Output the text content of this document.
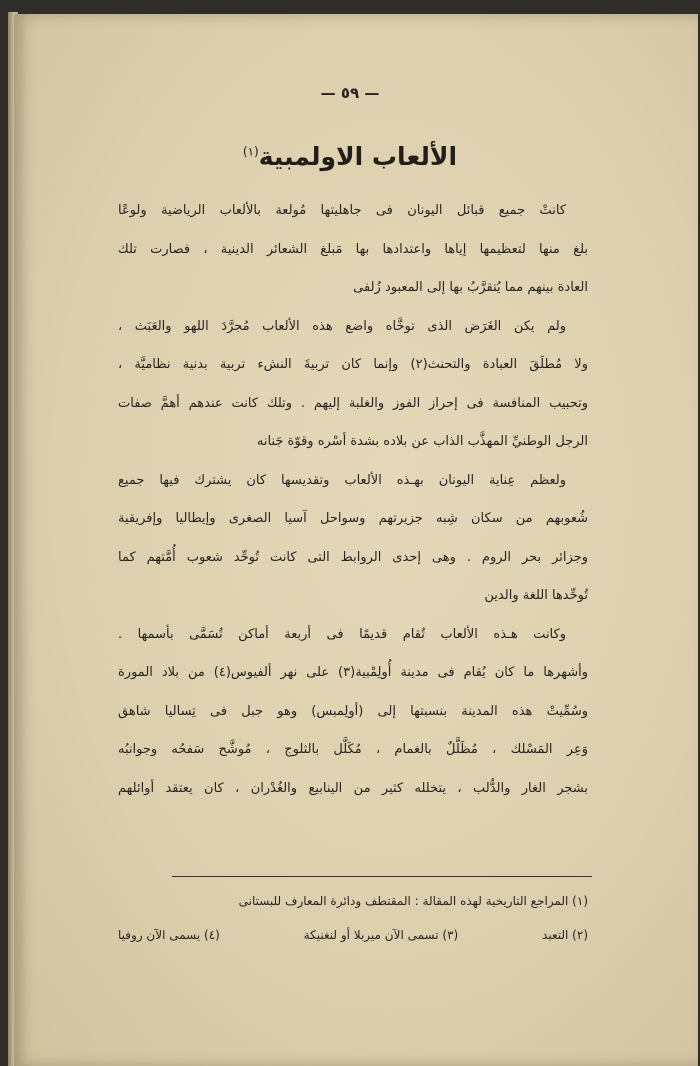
— ٥٩ —
الألعاب الاولمبية$^{(١)}$
كانتْ جميع قبائل اليونان فى جاهليتها مُولعة بالألعاب الرياضية ولوعًا
بلغ منها لتعظيمها إياها واعتدادها بها مَبلغ الشعائر الدينية ، فصارت تلك
العادة بينهم مما يُتقرَّبُ بها إلى المعبود زُلفى
ولم يكن الغَرَض الذى توخَّاه واضع هذه الألعاب مُجرَّدَ اللهو والعَبَث ،
ولا مُطلَقَ العبادة والتحنث(٢) وإنما كان تربيةَ النشء تربية بدنية نظاميَّة ،
وتحبيب المنافسة فى إحراز الفوز والغلبة إليهم . وتلك كانت عندهم أهمَّ صفات
الرجل الوطنيِّ المهذَّب الذاب عن بلاده بشدة أسْره وقوّة جَنانه
ولعظم عِناية اليونان بهـذه الألعاب وتقديسها كان يشترك فيها جميع
شُعوبهم من سكان شِبه جزيرتهم وسواحل آسيا الصغرى وإيطاليا وإفريقية
وجزائر بحر الروم . وهى إحدى الروابط التى كانت تُوحِّد شعوب أُمَّتهم كما
تُوحِّدها اللغة والدين
وكانت هـذه الألعاب تُقام قديمًا فى أربعة أماكن تُسَمَّى بأسمها .
وأشهرها ما كان يُقام فى مدينة أُولِمْبية(٣) على نهر ألفيوس(٤) من بلاد المورة
وسُمِّيتْ هذه المدينة بنسبتها إلى (أولِمبس) وهو جبل فى تِساليا شاهق
وَعِر المَسْلك ، مُظَلَّلٌ بالغمام ، مُكَلَّل بالثلوج ، مُوشَّح سَفحُه وجوانبُه
بشجر الغار والدُّلب ، يتخلله كثير من الينابيع والغُدْران ، كان يعتقد أوائلهم
(١) المراجع التاريخية لهذه المقالة : المقتطف ودائرة المعارف للبستانى
(٢) التعبد
(٣) تسمى الآن ميربلا أو لنغنيكة
(٤) يسمى الآن روفيا
